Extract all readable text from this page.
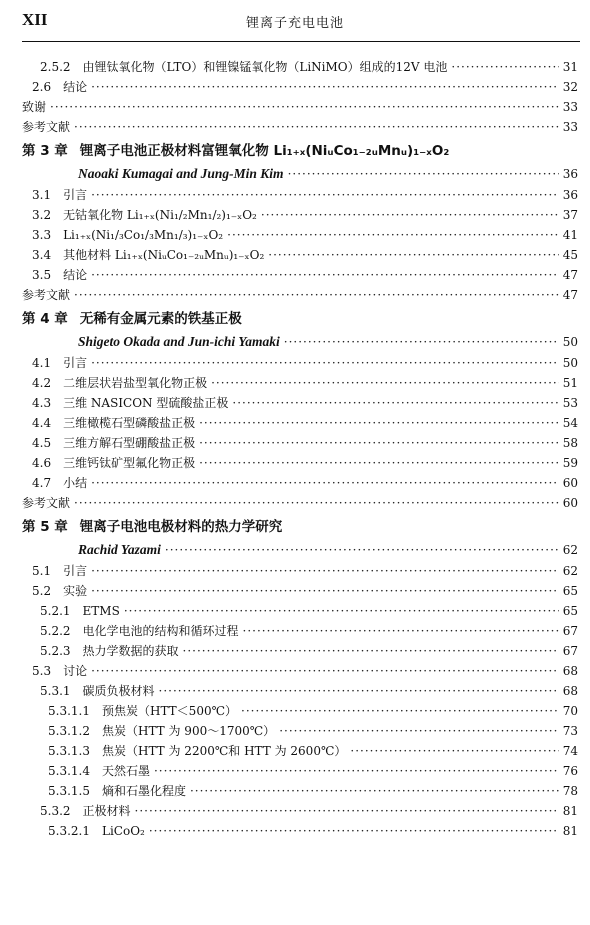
XII	锂离子充电电池
2.5.2 由锂钛氧化物（LTO）和锂镍锰氧化物（LiNiMO）组成的12V 电池 ·····	31
2.6 结论 ·····	32
致谢 ·····	33
参考文献 ·····	33
第 3 章 锂离子电池正极材料富锂氧化物 Li₁₊ₓ(NiᵤCo₁₋₂ᵤMnᵤ)₁₋ₓO₂
Naoaki Kumagai and Jung-Min Kim ·····	36
3.1 引言 ·····	36
3.2 无钴氧化物 Li₁₊ₓ(Ni₁/₂Mn₁/₂)₁₋ₓO₂ ·····	37
3.3 Li₁₊ₓ(Ni₁/₃Co₁/₃Mn₁/₃)₁₋ₓO₂ ·····	41
3.4 其他材料 Li₁₊ₓ(NiᵤCo₁₋₂ᵤMnᵤ)₁₋ₓO₂ ·····	45
3.5 结论 ·····	47
参考文献 ·····	47
第 4 章 无稀有金属元素的铁基正极
Shigeto Okada and Jun-ichi Yamaki ·····	50
4.1 引言 ·····	50
4.2 二维层状岩盐型氧化物正极 ·····	51
4.3 三维 NASICON 型硫酸盐正极 ·····	53
4.4 三维橄榄石型磷酸盐正极 ·····	54
4.5 三维方解石型硼酸盐正极 ·····	58
4.6 三维钙钛矿型氟化物正极 ·····	59
4.7 小结 ·····	60
参考文献 ·····	60
第 5 章 锂离子电池电极材料的热力学研究
Rachid Yazami ·····	62
5.1 引言 ·····	62
5.2 实验 ·····	65
5.2.1 ETMS ·····	65
5.2.2 电化学电池的结构和循环过程 ·····	67
5.2.3 热力学数据的获取 ·····	67
5.3 讨论 ·····	68
5.3.1 碳质负极材料 ·····	68
5.3.1.1 预焦炭（HTT＜500℃） ·····	70
5.3.1.2 焦炭（HTT 为 900～1700℃） ·····	73
5.3.1.3 焦炭（HTT 为 2200℃和 HTT 为 2600℃） ·····	74
5.3.1.4 天然石墨 ·····	76
5.3.1.5 熵和石墨化程度 ·····	78
5.3.2 正极材料 ·····	81
5.3.2.1 LiCoO₂ ·····	81
